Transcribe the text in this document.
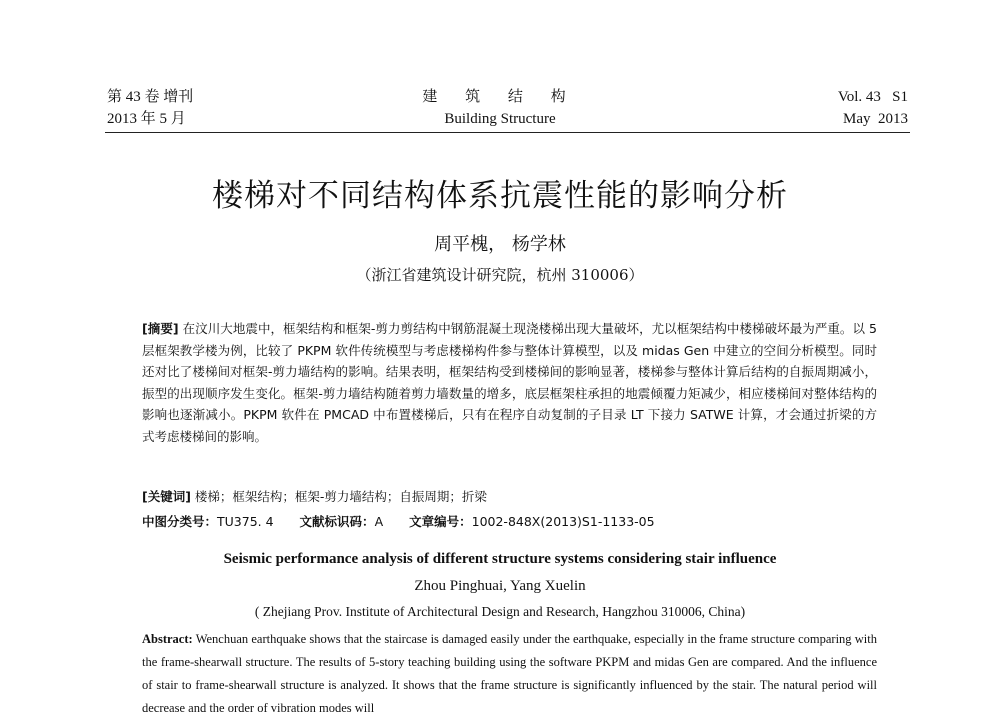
第 43 卷 增刊
2013 年 5 月
建 筑 结 构
Building Structure
Vol. 43   S1
May  2013
楼梯对不同结构体系抗震性能的影响分析
周平槐， 杨学林
（浙江省建筑设计研究院，杭州 310006）
[摘要] 在汶川大地震中，框架结构和框架-剪力剪结构中钢筋混凝土现浇楼梯出现大量破坏，尤以框架结构中楼梯破坏最为严重。以 5 层框架教学楼为例，比较了 PKPM 软件传统模型与考虑楼梯构件参与整体计算模型，以及 midas Gen 中建立的空间分析模型。同时还对比了楼梯间对框架-剪力墙结构的影响。结果表明，框架结构受到楼梯间的影响显著，楼梯参与整体计算后结构的自振周期减小，振型的出现顺序发生变化。框架-剪力墙结构随着剪力墙数量的增多，底层框架柱承担的地震倾覆力矩减少，相应楼梯间对整体结构的影响也逐渐减小。PKPM 软件在 PMCAD 中布置楼梯后，只有在程序自动复制的子目录 LT 下接力 SATWE 计算，才会通过折梁的方式考虑楼梯间的影响。
[关键词] 楼梯；框架结构；框架-剪力墙结构；自振周期；折梁
中图分类号：TU375. 4 文献标识码：A 文章编号：1002-848X(2013)S1-1133-05
Seismic performance analysis of different structure systems considering stair influence
Zhou Pinghuai, Yang Xuelin
( Zhejiang Prov. Institute of Architectural Design and Research, Hangzhou 310006, China)
Abstract: Wenchuan earthquake shows that the staircase is damaged easily under the earthquake, especially in the frame structure comparing with the frame-shearwall structure. The results of 5-story teaching building using the software PKPM and midas Gen are compared. And the influence of stair to frame-shearwall structure is analyzed. It shows that the frame structure is significantly influenced by the stair. The natural period will decrease and the order of vibration modes will
